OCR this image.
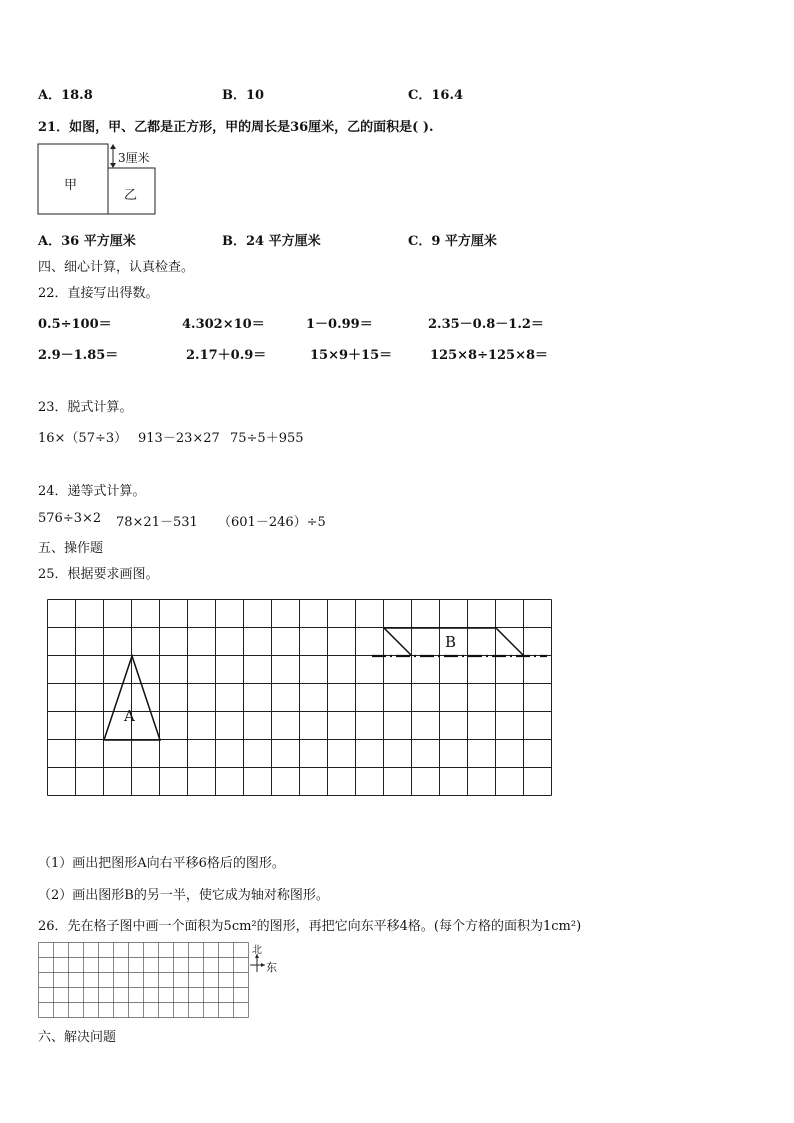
A．18.8	B．10	C．16.4
21．如图，甲、乙都是正方形，甲的周长是36厘米，乙的面积是( ).
甲
乙
3厘米
A．36 平方厘米	B．24 平方厘米	C．9 平方厘米
四、细心计算，认真检查。
22．直接写出得数。
0.5÷100＝	4.302×10＝	1－0.99＝	2.35－0.8－1.2＝
2.9－1.85＝	2.17＋0.9＝	15×9＋15＝	125×8÷125×8＝
23．脱式计算。
16×（57÷3） 913－23×27 75÷5＋955
24．递等式计算。
576÷3×2 78×21－531 （601－246）÷5
五、操作题
25．根据要求画图。
A
B
（1）画出把图形A向右平移6格后的图形。
（2）画出图形B的另一半，使它成为轴对称图形。
26．先在格子图中画一个面积为5cm²的图形，再把它向东平移4格。(每个方格的面积为1cm²)
北
东
六、解决问题
